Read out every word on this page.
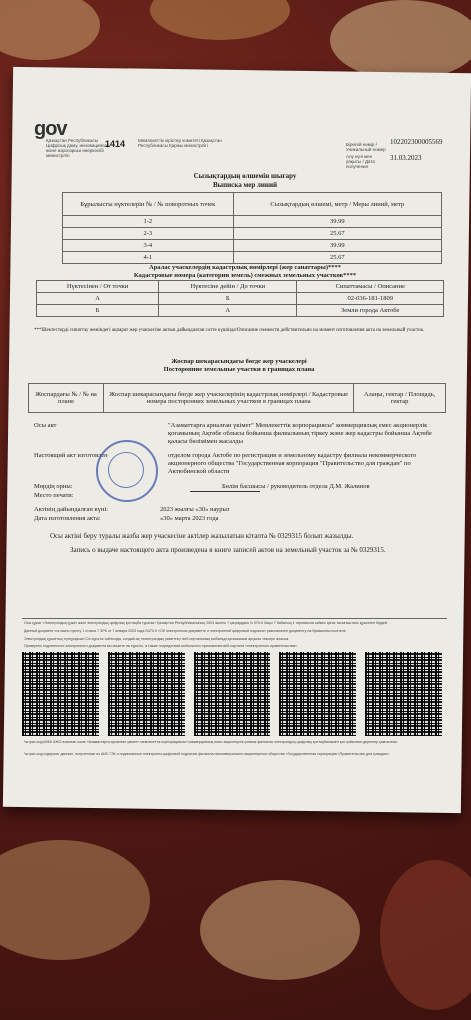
gov
Қазақстан Республикасы Цифрлық даму, инновациялар және аэроғарыш өнеркәсібі министрлігі
1414	Мемлекеттік кірістер комитеті Қазақстан Республикасы Қаржы министрлігі	Бірегей нөмір / Уникальный номер
102202300005569
Алу күні мен уақыты / Дата получения
31.03.2023
Сызықтардың өлшемін шығару
Выписка мер линий
Бұрылысты нүктелерiн № / № поворотных точек	Сызықтардың өлшемі, метр / Меры линий, метр
1-2	39.99
2-3	25.67
3-4	39.99
4-1	25.67
Аралас учаскелердің кадастрлық нөмірлері (жер санаттары)****
Кадастровые номера (категории земель) смежных земельных участков****
Нүктесінен / От точки	Нүктесіне дейін / До точки	Сипаттамасы / Описание
А	Б	02-036-181-1809
Б	А	Земли города Актобе
***Шектестерді сипаттау жөніндегі ақпарат жер учаскесіне актын дайындалған сәтте күшінде/Описание смежеств действительно на момент изготовления акта на земельный участок.
Жоспар шекарасындағы бөгде жер учаскелері
Посторонние земельные участки в границах плана
Жоспардағы № / № на плане	Жоспар шекарасындағы бөгде жер учаскелерінің кадастрлық нөмірлері / Кадастровые номера посторонних земельных участков в границах плана	Алаңы, гектар / Площадь, гектар
Осы акт	"Азаматтарға арналған үкімет" Мемлекеттік корпорациясы" коммерциялық емес акционерлік қоғамының Ақтөбе облысы бойынша филиалының тіркеу және жер кадастры бойынша Ақтөбе қаласы бөлімімен жасалды
Настоящий акт изготовлен	отделом города Актобе по регистрации и земельному кадастру филиала некоммерческого акционерного общества "Государственная корпорация "Правительство для граждан" по Актюбинской области
Мөрдің орны:
Место печати:
Бөлім басшысы / руководитель отдела Д.М. Жалинов
Актінің дайындалған күні:
Дата изготовления акта:
2023 жылғы «30» наурыз
«30» марта 2023 года
Осы актіні беру туралы жазба жер учаскесіне актілер жазылатын кітапта № 0329315 болып жазылды.
Запись о выдаче настоящего акта произведена в книге записей актов на земельный участок за № 0329315.
Осы құжат «Электрондық құжат және электрондық цифрлық қолтаңба туралы» Қазақстан Республикасының 2003 жылғы 7 қаңтардағы N 370-II Заңы 7 бабының 1 тармағына сәйкес қағаз тасығыштағы құжатпен бірдей.
Данный документ согласно пункту 1 статьи 7 ЗРК от 7 января 2003 года N370-II «Об электронном документе и электронной цифровой подписи» равнозначен документу на бумажном носителе.
Электрондық құжаттың түпнұсқасын Сіз egov.kz сайтында, сондай-ақ «электрондық үкіметтің» веб-порталының мобильді қосымшасы арқылы тексере аласыз.
Проверить подлинность электронного документа вы можете на egov.kz, а также посредством мобильного приложения веб-портала «электронного правительства».
*штрих-код МЖК АЖО алынған және «Азаматтарға арналған үкімет» мемлекеттік корпорациясы» коммерциялық емес акционерлік қоғамы филиалы электрондық-цифрлық қолтаңбасымен қол қойылған деректер қамтылған.
*штрих-код содержит данные, полученные из АИС ГЗК и подписанные электронно-цифровой подписью филиала некоммерческого акционерного общества «Государственная корпорация «Правительство для граждан».
